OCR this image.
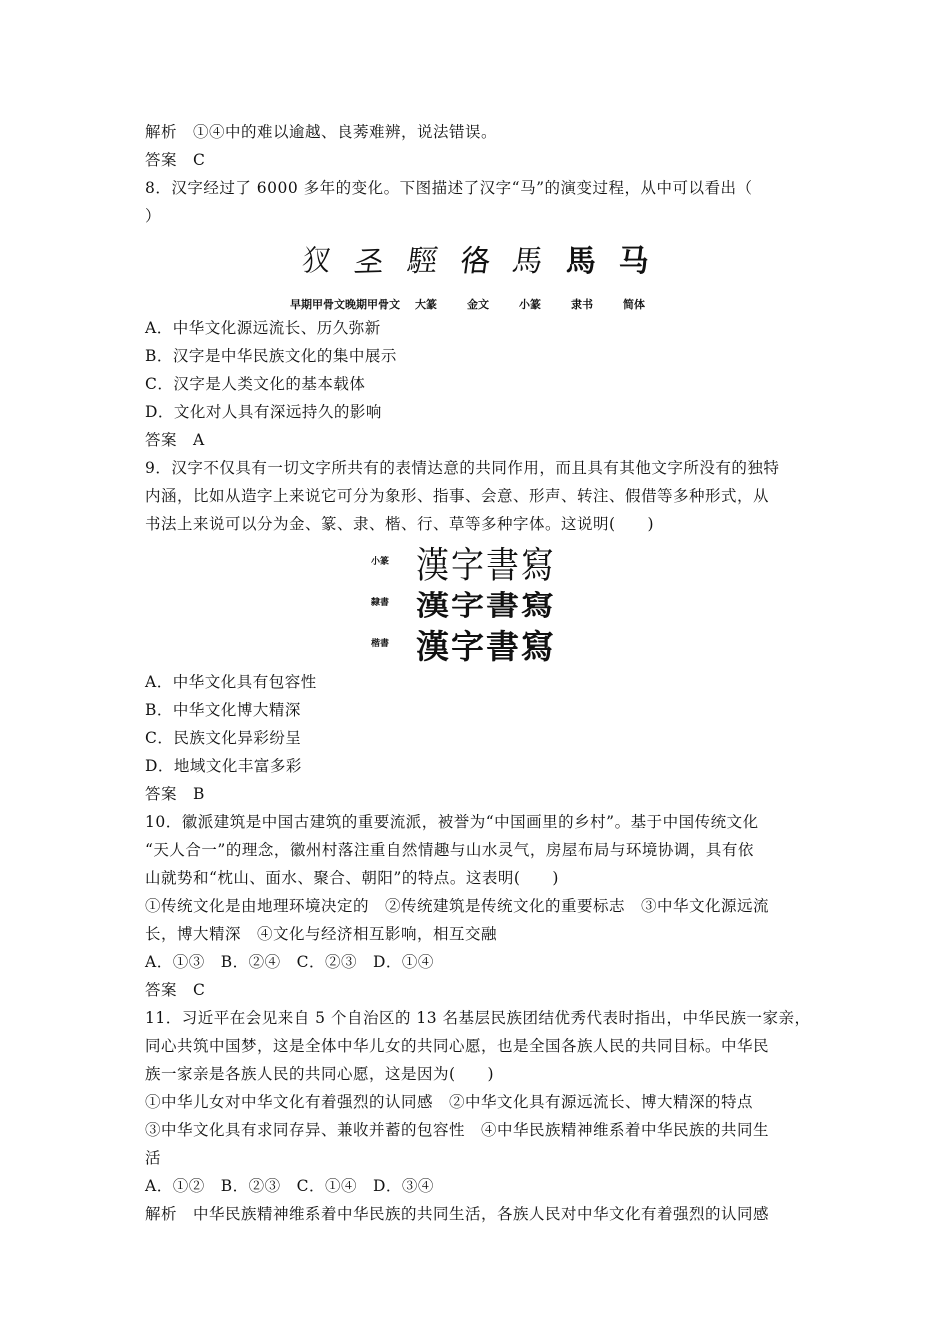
解析　①④中的难以逾越、良莠难辨，说法错误。
答案　C
8．汉字经过了 6000 多年的变化。下图描述了汉字“马”的演变过程，从中可以看出（
）
𤜫 𢀖 𩣪 𢓜 馬 馬 马
早期甲骨文 晚期甲骨文	大篆	金文	小篆	隶书	简体
A．中华文化源远流长、历久弥新
B．汉字是中华民族文化的集中展示
C．汉字是人类文化的基本载体
D．文化对人具有深远持久的影响
答案　A
9．汉字不仅具有一切文字所共有的表情达意的共同作用，而且具有其他文字所没有的独特
内涵，比如从造字上来说它可分为象形、指事、会意、形声、转注、假借等多种形式，从
书法上来说可以分为金、篆、隶、楷、行、草等多种字体。这说明(　　)
小篆 漢字書寫
隸書 漢字書寫
楷書 漢字書寫
A．中华文化具有包容性
B．中华文化博大精深
C．民族文化异彩纷呈
D．地域文化丰富多彩
答案　B
10．徽派建筑是中国古建筑的重要流派，被誉为“中国画里的乡村”。基于中国传统文化
“天人合一”的理念，徽州村落注重自然情趣与山水灵气，房屋布局与环境协调，具有依
山就势和“枕山、面水、聚合、朝阳”的特点。这表明(　　)
①传统文化是由地理环境决定的　②传统建筑是传统文化的重要标志　③中华文化源远流
长，博大精深　④文化与经济相互影响，相互交融
A．①③　B．②④　C．②③　D．①④
答案　C
11．习近平在会见来自 5 个自治区的 13 名基层民族团结优秀代表时指出，中华民族一家亲，
同心共筑中国梦，这是全体中华儿女的共同心愿，也是全国各族人民的共同目标。中华民
族一家亲是各族人民的共同心愿，这是因为(　　)
①中华儿女对中华文化有着强烈的认同感　②中华文化具有源远流长、博大精深的特点
③中华文化具有求同存异、兼收并蓄的包容性　④中华民族精神维系着中华民族的共同生
活
A．①②　B．②③　C．①④　D．③④
解析　中华民族精神维系着中华民族的共同生活，各族人民对中华文化有着强烈的认同感
